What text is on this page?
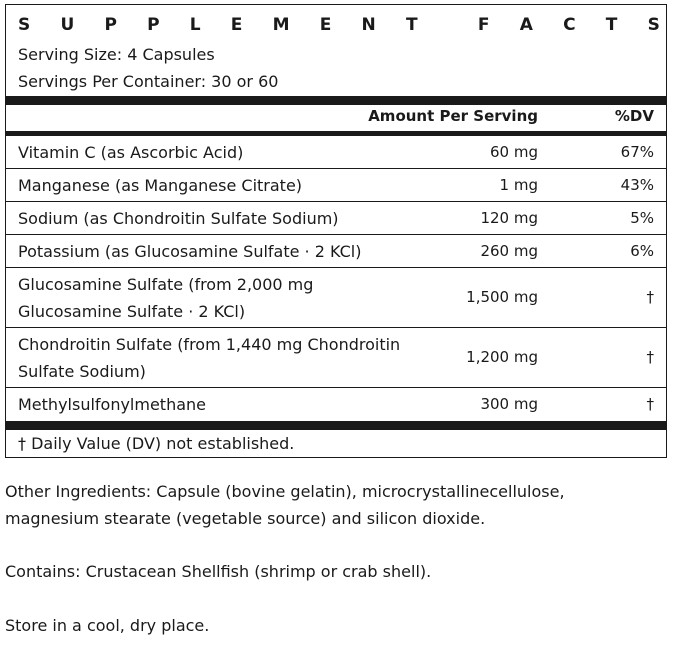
S U P P L E M E N T	F A C T S
Serving Size: 4 Capsules
Servings Per Container: 30 or 60
Amount Per Serving	%DV
Vitamin C (as Ascorbic Acid)	60 mg	67%
Manganese (as Manganese Citrate)	1 mg	43%
Sodium (as Chondroitin Sulfate Sodium)	120 mg	5%
Potassium (as Glucosamine Sulfate · 2 KCl)	260 mg	6%
Glucosamine Sulfate (from 2,000 mg
Glucosamine Sulfate · 2 KCl)
1,500 mg	†
Chondroitin Sulfate (from 1,440 mg Chondroitin
Sulfate Sodium)
1,200 mg	†
Methylsulfonylmethane	300 mg	†
† Daily Value (DV) not established.
Other Ingredients: Capsule (bovine gelatin), microcrystallinecellulose,
magnesium stearate (vegetable source) and silicon dioxide.
Contains: Crustacean Shellfish (shrimp or crab shell).
Store in a cool, dry place.
